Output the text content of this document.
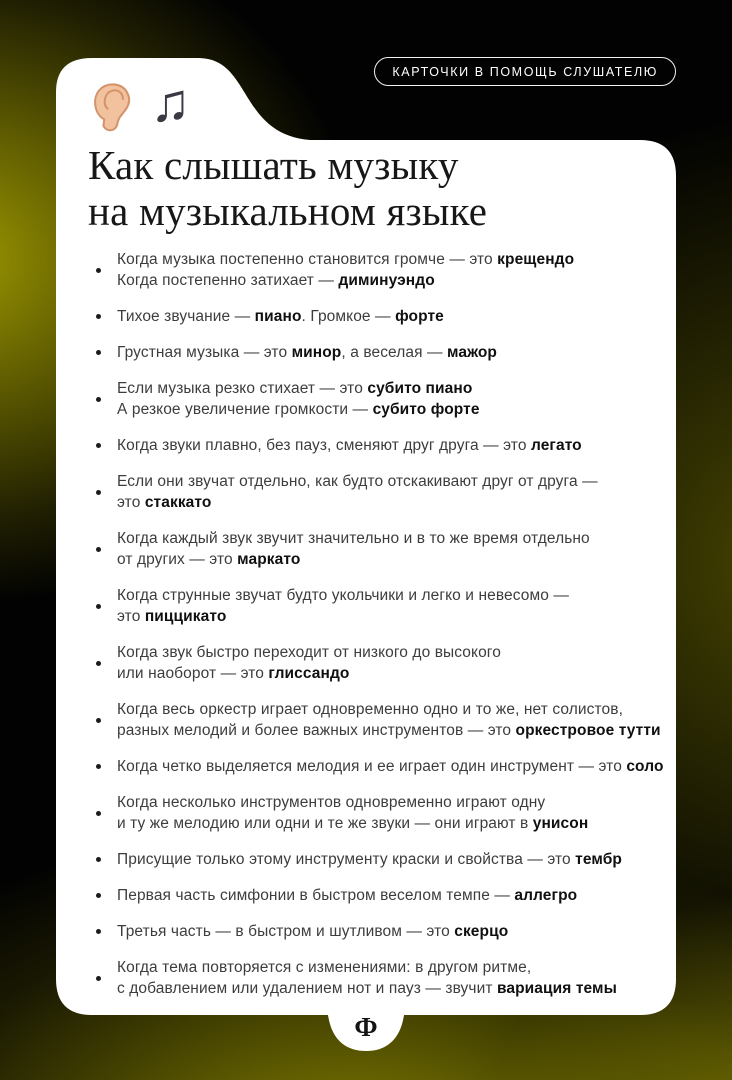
КАРТОЧКИ В ПОМОЩЬ СЛУШАТЕЛЮ
♫
Как слышать музыку
на музыкальном языке

Когда музыка постепенно становится громче — это крещендо
Когда постепенно затихает — диминуэндо

Тихое звучание — пиано. Громкое — форте

Грустная музыка — это минор, а веселая — мажор

Если музыка резко стихает — это субито пиано
А резкое увеличение громкости — субито форте

Когда звуки плавно, без пауз, сменяют друг друга — это легато

Если они звучат отдельно, как будто отскакивают друг от друга —
это стаккато

Когда каждый звук звучит значительно и в то же время отдельно
от других — это маркато

Когда струнные звучат будто укольчики и легко и невесомо —
это пиццикато

Когда звук быстро переходит от низкого до высокого
или наоборот — это глиссандо

Когда весь оркестр играет одновременно одно и то же, нет солистов,
разных мелодий и более важных инструментов — это оркестровое тутти

Когда четко выделяется мелодия и ее играет один инструмент — это соло

Когда несколько инструментов одновременно играют одну
и ту же мелодию или одни и те же звуки — они играют в унисон

Присущие только этому инструменту краски и свойства — это тембр

Первая часть симфонии в быстром веселом темпе — аллегро

Третья часть — в быстром и шутливом — это скерцо

Когда тема повторяется с изменениями: в другом ритме,
с добавлением или удалением нот и пауз — звучит вариация темы

Ф
